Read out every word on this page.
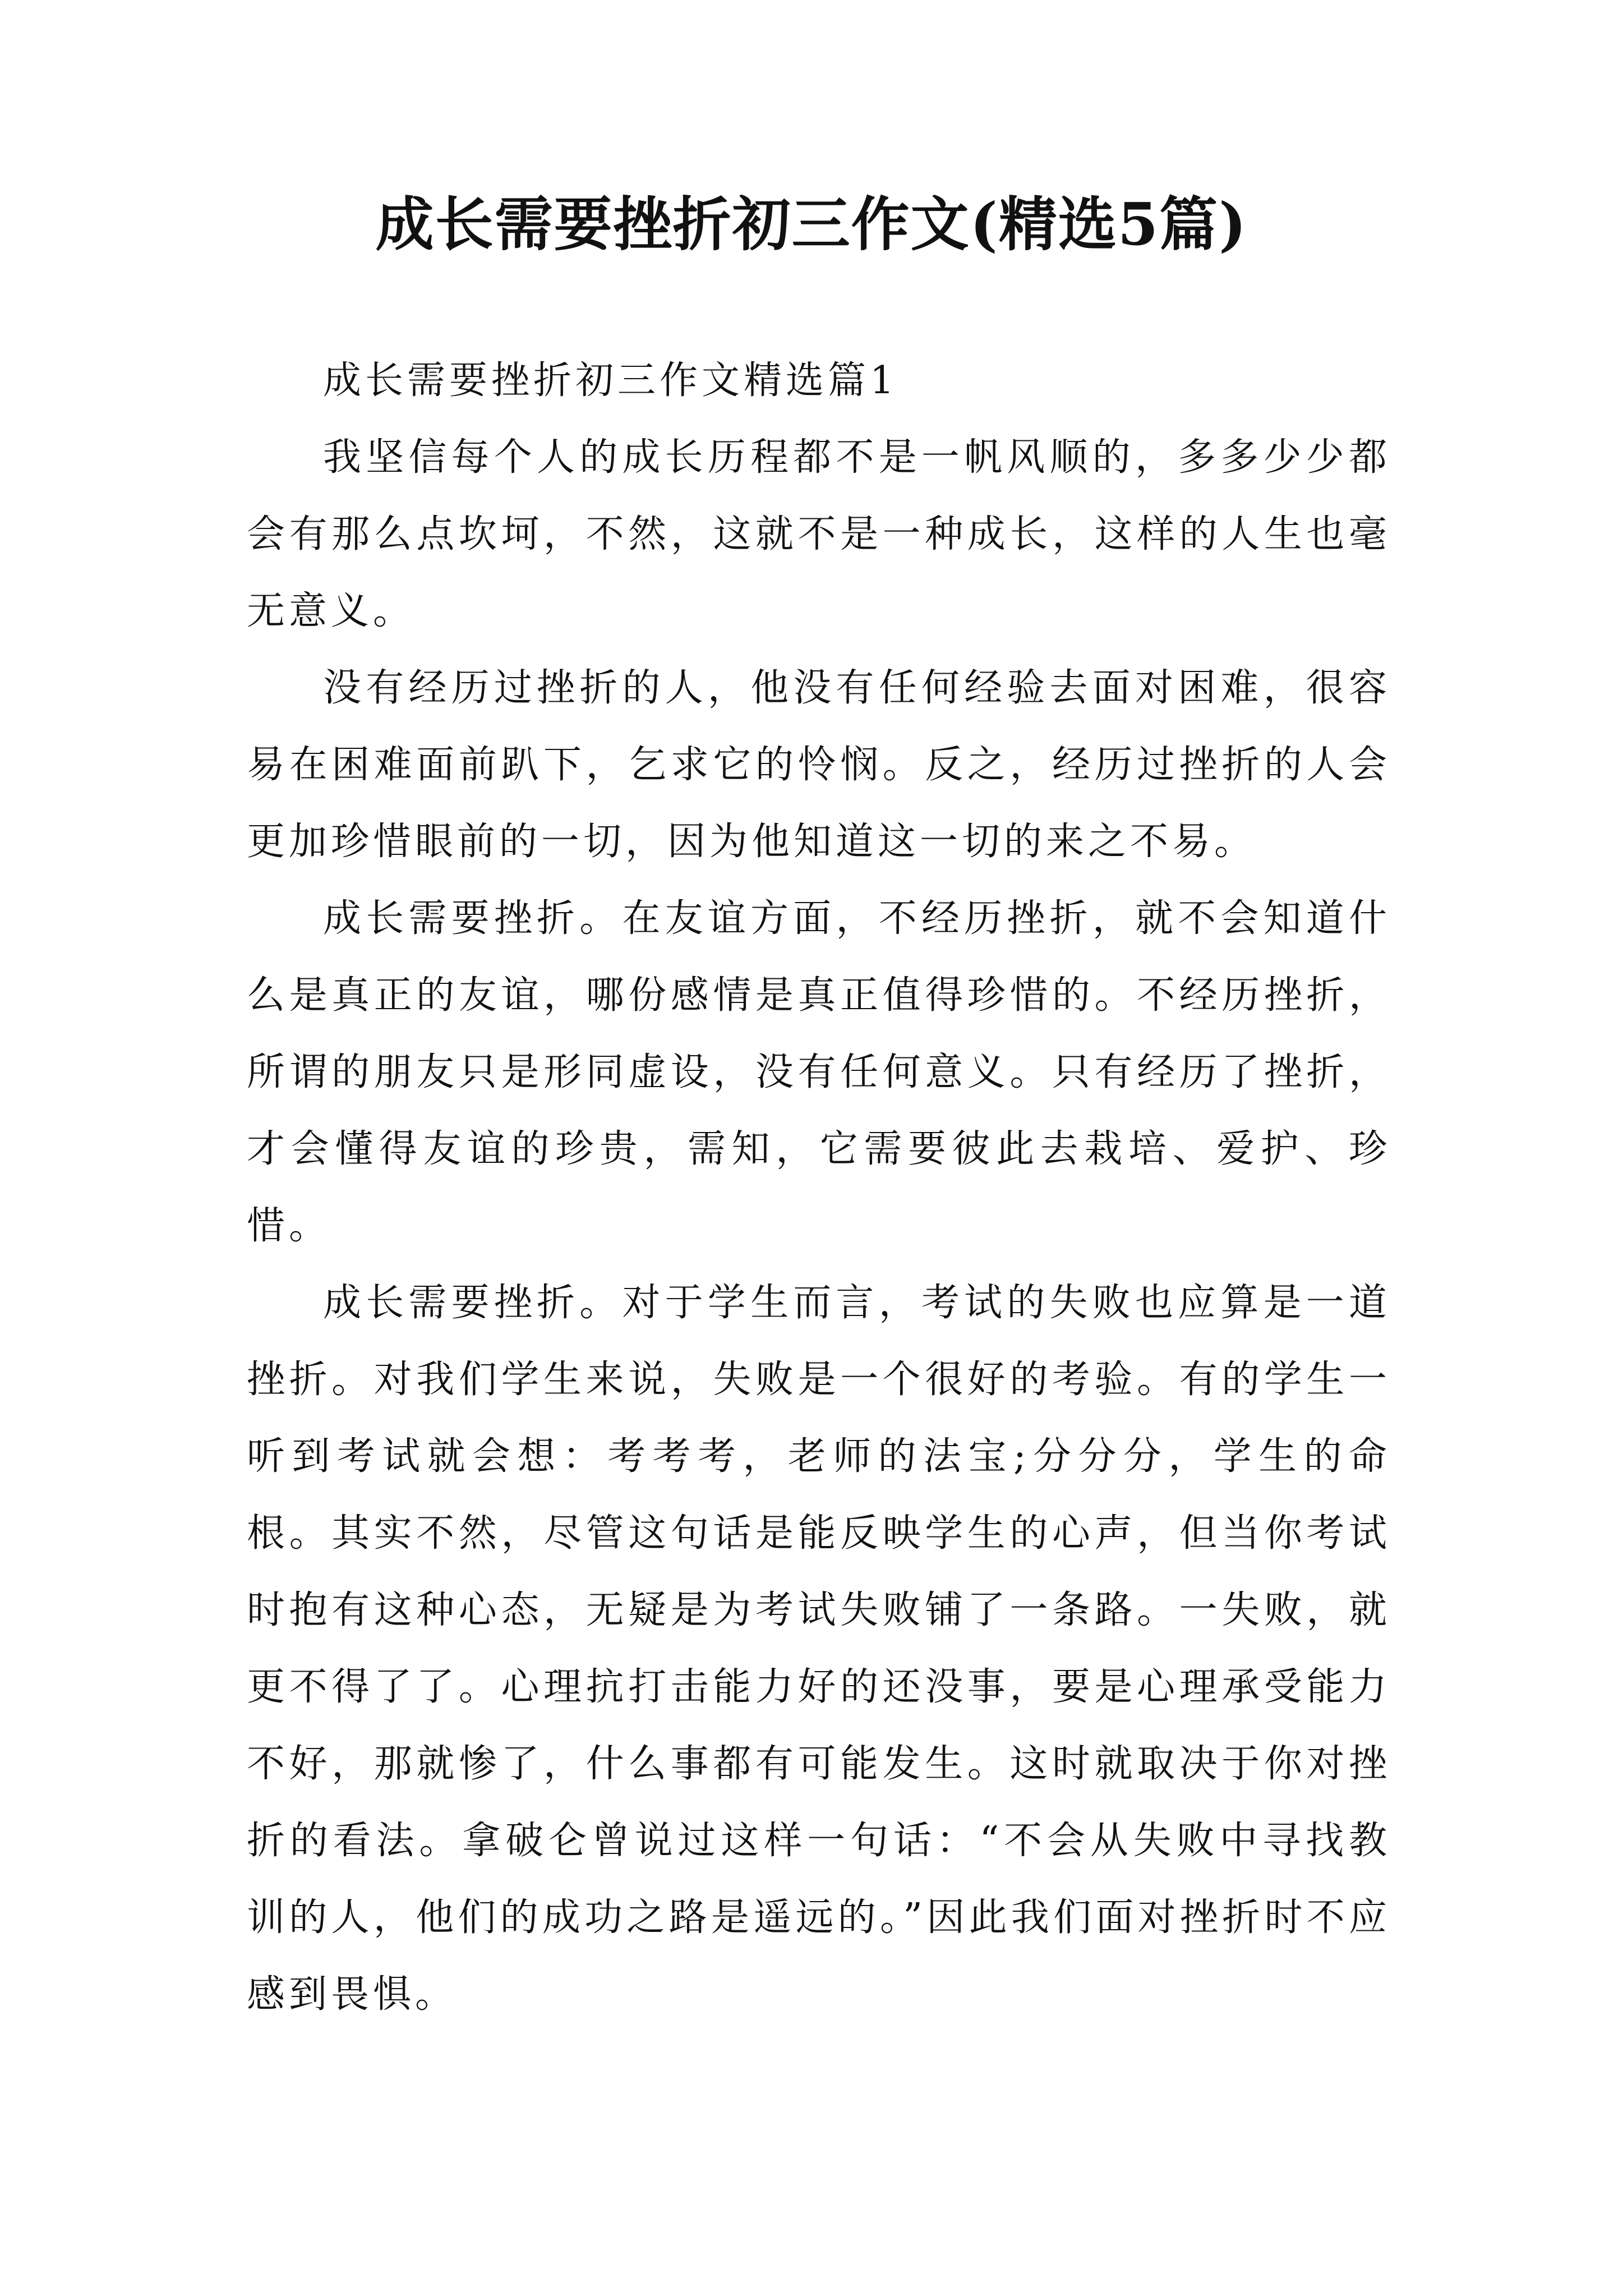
成长需要挫折初三作文(精选5篇)

成长需要挫折初三作文精选篇1

我坚信每个人的成长历程都不是一帆风顺的，多多少少都会有那么点坎坷，不然，这就不是一种成长，这样的人生也毫无意义。

没有经历过挫折的人，他没有任何经验去面对困难，很容易在困难面前趴下，乞求它的怜悯。反之，经历过挫折的人会更加珍惜眼前的一切，因为他知道这一切的来之不易。

成长需要挫折。在友谊方面，不经历挫折，就不会知道什么是真正的友谊，哪份感情是真正值得珍惜的。不经历挫折，所谓的朋友只是形同虚设，没有任何意义。只有经历了挫折，才会懂得友谊的珍贵，需知，它需要彼此去栽培、爱护、珍惜。

成长需要挫折。对于学生而言，考试的失败也应算是一道挫折。对我们学生来说，失败是一个很好的考验。有的学生一听到考试就会想：考考考，老师的法宝;分分分，学生的命根。其实不然，尽管这句话是能反映学生的心声，但当你考试时抱有这种心态，无疑是为考试失败铺了一条路。一失败，就更不得了了。心理抗打击能力好的还没事，要是心理承受能力不好，那就惨了，什么事都有可能发生。这时就取决于你对挫折的看法。拿破仑曾说过这样一句话：“不会从失败中寻找教训的人，他们的成功之路是遥远的。”因此我们面对挫折时不应感到畏惧。
